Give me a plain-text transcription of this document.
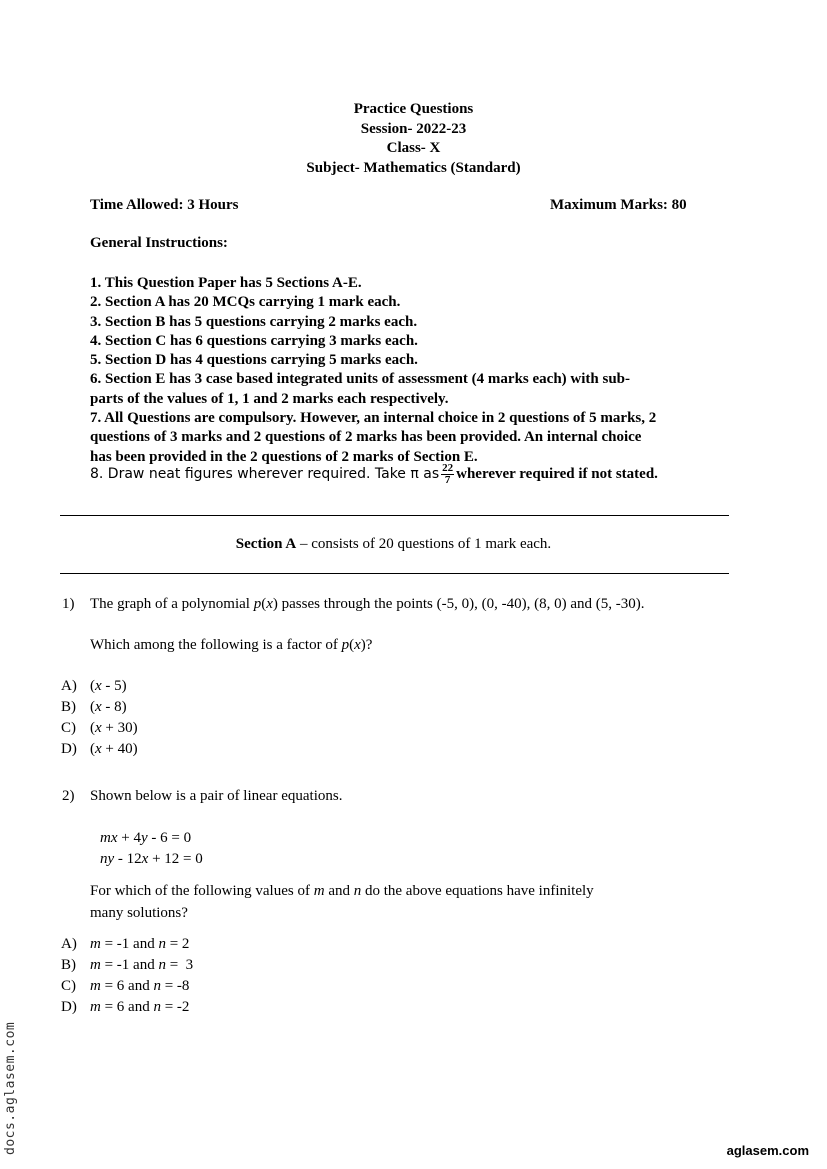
Practice Questions
Session- 2022-23
Class- X
Subject- Mathematics (Standard)
Time Allowed: 3 Hours	Maximum Marks: 80
General Instructions:
1. This Question Paper has 5 Sections A-E.
2. Section A has 20 MCQs carrying 1 mark each.
3. Section B has 5 questions carrying 2 marks each.
4. Section C has 6 questions carrying 3 marks each.
5. Section D has 4 questions carrying 5 marks each.
6. Section E has 3 case based integrated units of assessment (4 marks each) with sub-
parts of the values of 1, 1 and 2 marks each respectively.
7. All Questions are compulsory. However, an internal choice in 2 questions of 5 marks, 2
questions of 3 marks and 2 questions of 2 marks has been provided. An internal choice
has been provided in the 2 questions of 2 marks of Section E.
8. Draw neat figures wherever required. Take π as $\frac{22}{7}$ wherever required if not stated.
Section A – consists of 20 questions of 1 mark each.
1) The graph of a polynomial p(x) passes through the points (-5, 0), (0, -40), (8, 0) and (5, -30).
Which among the following is a factor of p(x)?
A) (x - 5)
B) (x - 8)
C) (x + 30)
D) (x + 40)
2) Shown below is a pair of linear equations.
mx + 4y - 6 = 0
ny - 12x + 12 = 0
For which of the following values of m and n do the above equations have infinitely
many solutions?
A) m = -1 and n = 2
B) m = -1 and n =  3
C) m = 6 and n = -8
D) m = 6 and n = -2
docs.aglasem.com	aglasem.com
